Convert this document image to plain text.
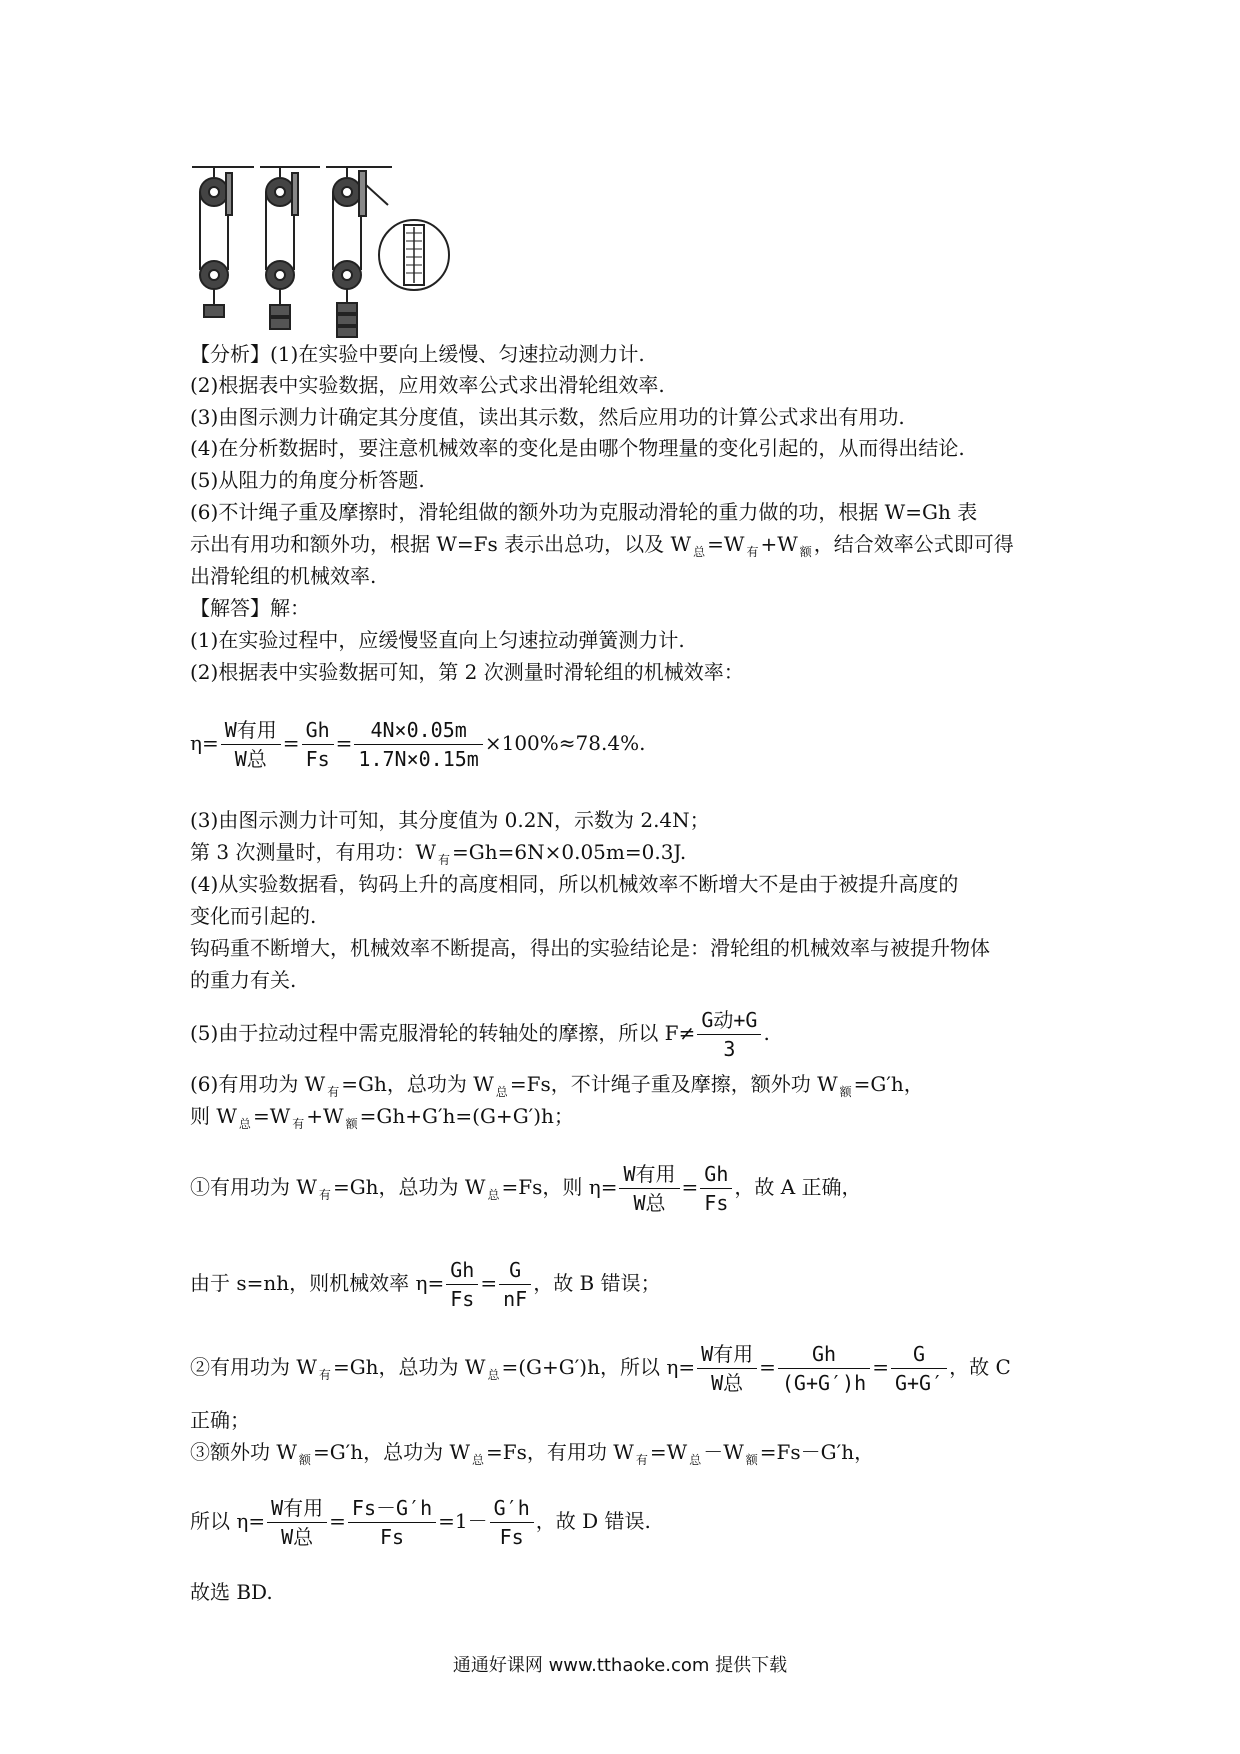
【分析】(1)在实验中要向上缓慢、匀速拉动测力计.
(2)根据表中实验数据，应用效率公式求出滑轮组效率.
(3)由图示测力计确定其分度值，读出其示数，然后应用功的计算公式求出有用功.
(4)在分析数据时，要注意机械效率的变化是由哪个物理量的变化引起的，从而得出结论.
(5)从阻力的角度分析答题.
(6)不计绳子重及摩擦时，滑轮组做的额外功为克服动滑轮的重力做的功，根据 W=Gh 表
示出有用功和额外功，根据 W=Fs 表示出总功，以及 W $_总$ =W $_有$ +W $_额$ ，结合效率公式即可得
出滑轮组的机械效率.
【解答】解：
(1)在实验过程中，应缓慢竖直向上匀速拉动弹簧测力计.
(2)根据表中实验数据可知，第 2 次测量时滑轮组的机械效率：
$\eta= \frac{\text{W有用}}{\text{W总}} = \frac{Gh}{Fs} = \frac{4N\times 0.05m}{1.7N\times 0.15m} \times 100\%\approx 78.4\%$.
(3)由图示测力计可知，其分度值为 0.2N，示数为 2.4N；
第 3 次测量时，有用功：W $_有$ =Gh=6N×0.05m=0.3J.
(4)从实验数据看，钩码上升的高度相同，所以机械效率不断增大不是由于被提升高度的
变化而引起的.
钩码重不断增大，机械效率不断提高，得出的实验结论是：滑轮组的机械效率与被提升物体
的重力有关.
(5)由于拉动过程中需克服滑轮的转轴处的摩擦，所以 $F\ne \frac{\text{G动+G}}{3}$ .
(6)有用功为 W $_有$ =Gh，总功为 W $_总$ =Fs，不计绳子重及摩擦，额外功 W $_额$ =G′h，
则 W $_总$ =W $_有$ +W $_额$ =Gh+G′h=(G+G′)h；
①有用功为 W $_有$ =Gh，总功为 W $_总$ =Fs，则 $\eta= \frac{\text{W有用}}{\text{W总}} = \frac{Gh}{Fs}$ ，故 A 正确，
由于 s=nh，则机械效率 $\eta= \frac{Gh}{Fs} = \frac{G}{nF}$ ，故 B 错误；
②有用功为 W $_有$ =Gh，总功为 W $_总$ =(G+G′)h，所以 $\eta= \frac{\text{W有用}}{\text{W总}} = \frac{Gh}{(G+G')h} = \frac{G}{G+G'}$ ，故 C
正确；
③额外功 W $_额$ =G′h，总功为 W $_总$ =Fs，有用功 W $_有$ =W $_总$ －W $_额$ =Fs－G′h，
所以 $\eta= \frac{\text{W有用}}{\text{W总}} = \frac{Fs-G'h}{Fs} =1- \frac{G'h}{Fs}$ ，故 D 错误.
故选 BD.
通通好课网 www.tthaoke.com 提供下载
